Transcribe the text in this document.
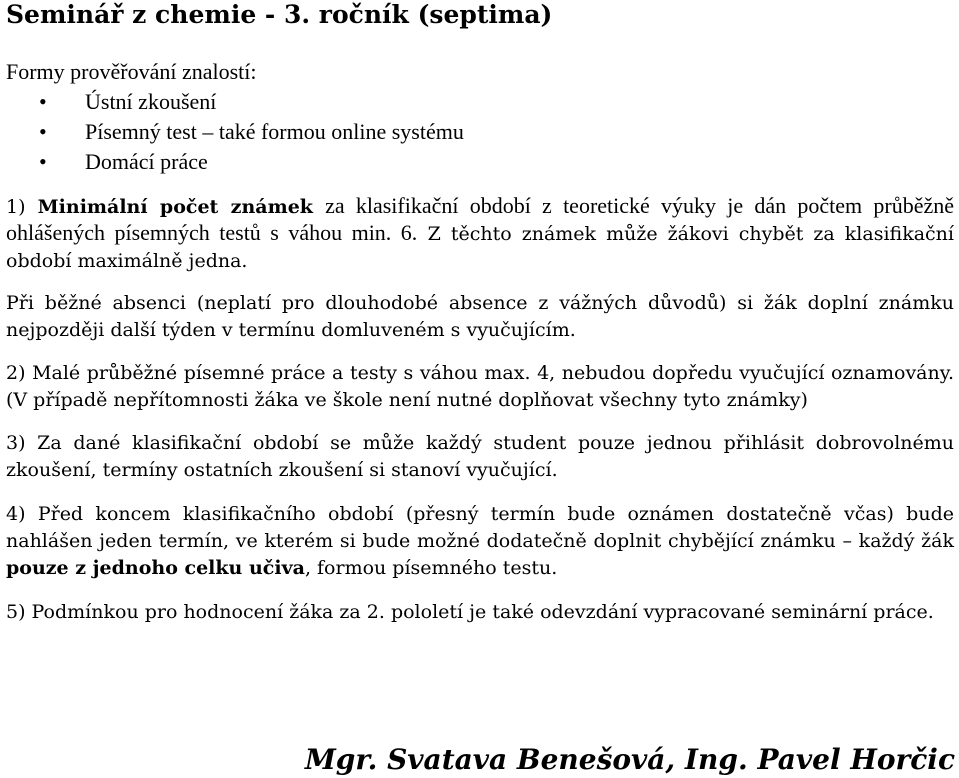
Seminář z chemie - 3. ročník (septima)

Formy prověřování znalostí:

• Ústní zkoušení
• Písemný test – také formou online systému
• Domácí práce

1) Minimální počet známek za klasifikační období z teoretické výuky je dán počtem průběžně ohlášených písemných testů s váhou min. 6. Z těchto známek může žákovi chybět za klasifikační období maximálně jedna.

Při běžné absenci (neplatí pro dlouhodobé absence z vážných důvodů) si žák doplní známku nejpozději další týden v termínu domluveném s vyučujícím.

2) Malé průběžné písemné práce a testy s váhou max. 4, nebudou dopředu vyučující oznamovány. (V případě nepřítomnosti žáka ve škole není nutné doplňovat všechny tyto známky)

3) Za dané klasifikační období se může každý student pouze jednou přihlásit dobrovolnému zkoušení, termíny ostatních zkoušení si stanoví vyučující.

4) Před koncem klasifikačního období (přesný termín bude oznámen dostatečně včas) bude nahlášen jeden termín, ve kterém si bude možné dodatečně doplnit chybějící známku – každý žák pouze z jednoho celku učiva, formou písemného testu.

5) Podmínkou pro hodnocení žáka za 2. pololetí je také odevzdání vypracované seminární práce.

Mgr. Svatava Benešová, Ing. Pavel Horčic
